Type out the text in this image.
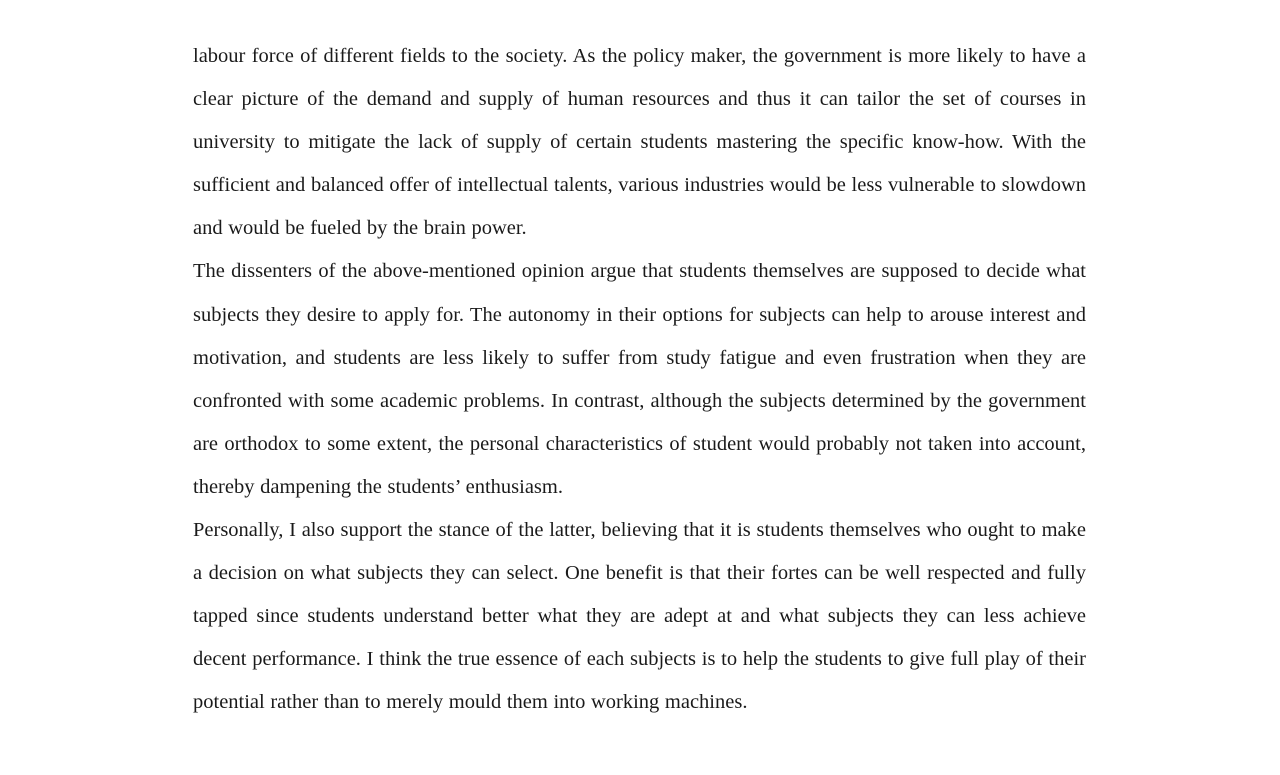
labour force of different fields to the society. As the policy maker, the government is more likely to have a clear picture of the demand and supply of human resources and thus it can tailor the set of courses in university to mitigate the lack of supply of certain students mastering the specific know-how. With the sufficient and balanced offer of intellectual talents, various industries would be less vulnerable to slowdown and would be fueled by the brain power.

The dissenters of the above-mentioned opinion argue that students themselves are supposed to decide what subjects they desire to apply for. The autonomy in their options for subjects can help to arouse interest and motivation, and students are less likely to suffer from study fatigue and even frustration when they are confronted with some academic problems. In contrast, although the subjects determined by the government are orthodox to some extent, the personal characteristics of student would probably not taken into account, thereby dampening the students’ enthusiasm.

Personally, I also support the stance of the latter, believing that it is students themselves who ought to make a decision on what subjects they can select. One benefit is that their fortes can be well respected and fully tapped since students understand better what they are adept at and what subjects they can less achieve decent performance. I think the true essence of each subjects is to help the students to give full play of their potential rather than to merely mould them into working machines.
